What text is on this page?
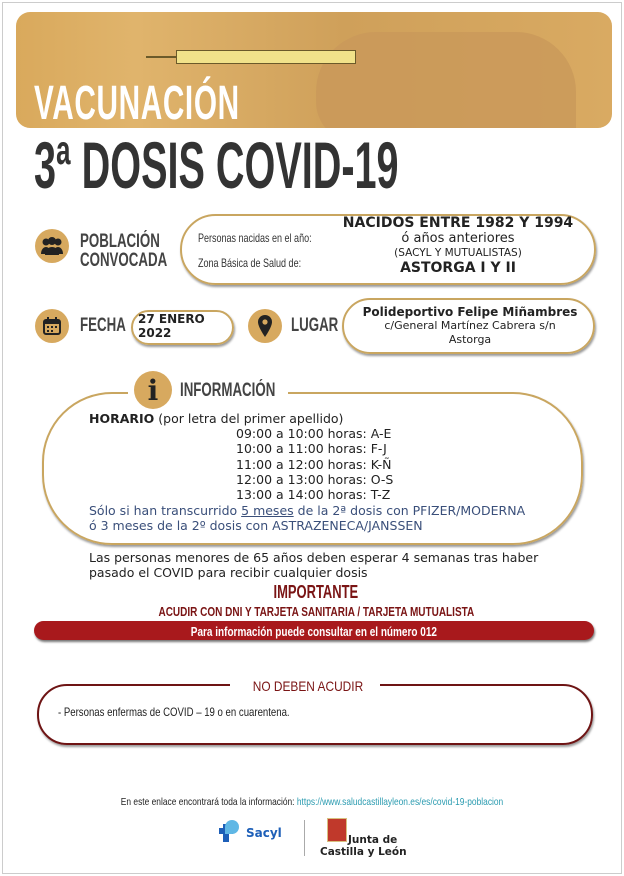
VACUNACIÓN
3ª DOSIS COVID-19
POBLACIÓN
CONVOCADA
Personas nacidas en el año:
Zona Básica de Salud de:
NACIDOS ENTRE 1982 Y 1994
ó años anteriores
(SACYL Y MUTUALISTAS)
ASTORGA I Y II
FECHA 27 ENERO
2022	LUGAR
Polideportivo Felipe Miñambres
c/General Martínez Cabrera s/n
Astorga
i	INFORMACIÓN
HORARIO (por letra del primer apellido)
09:00 a 10:00 horas: A-E
10:00 a 11:00 horas: F-J
11:00 a 12:00 horas: K-Ñ
12:00 a 13:00 horas: O-S
13:00 a 14:00 horas: T-Z
Sólo si han transcurrido 5 meses de la 2ª dosis con PFIZER/MODERNA
ó 3 meses de la 2º dosis con ASTRAZENECA/JANSSEN
Las personas menores de 65 años deben esperar 4 semanas tras haber
pasado el COVID para recibir cualquier dosis
IMPORTANTE
ACUDIR CON DNI Y TARJETA SANITARIA / TARJETA MUTUALISTA
Para información puede consultar en el número 012
NO DEBEN ACUDIR
- Personas enfermas de COVID – 19 o en cuarentena.
En este enlace encontrará toda la información: https://www.saludcastillayleon.es/es/covid-19-poblacion
Sacyl	Junta de
Castilla y León
